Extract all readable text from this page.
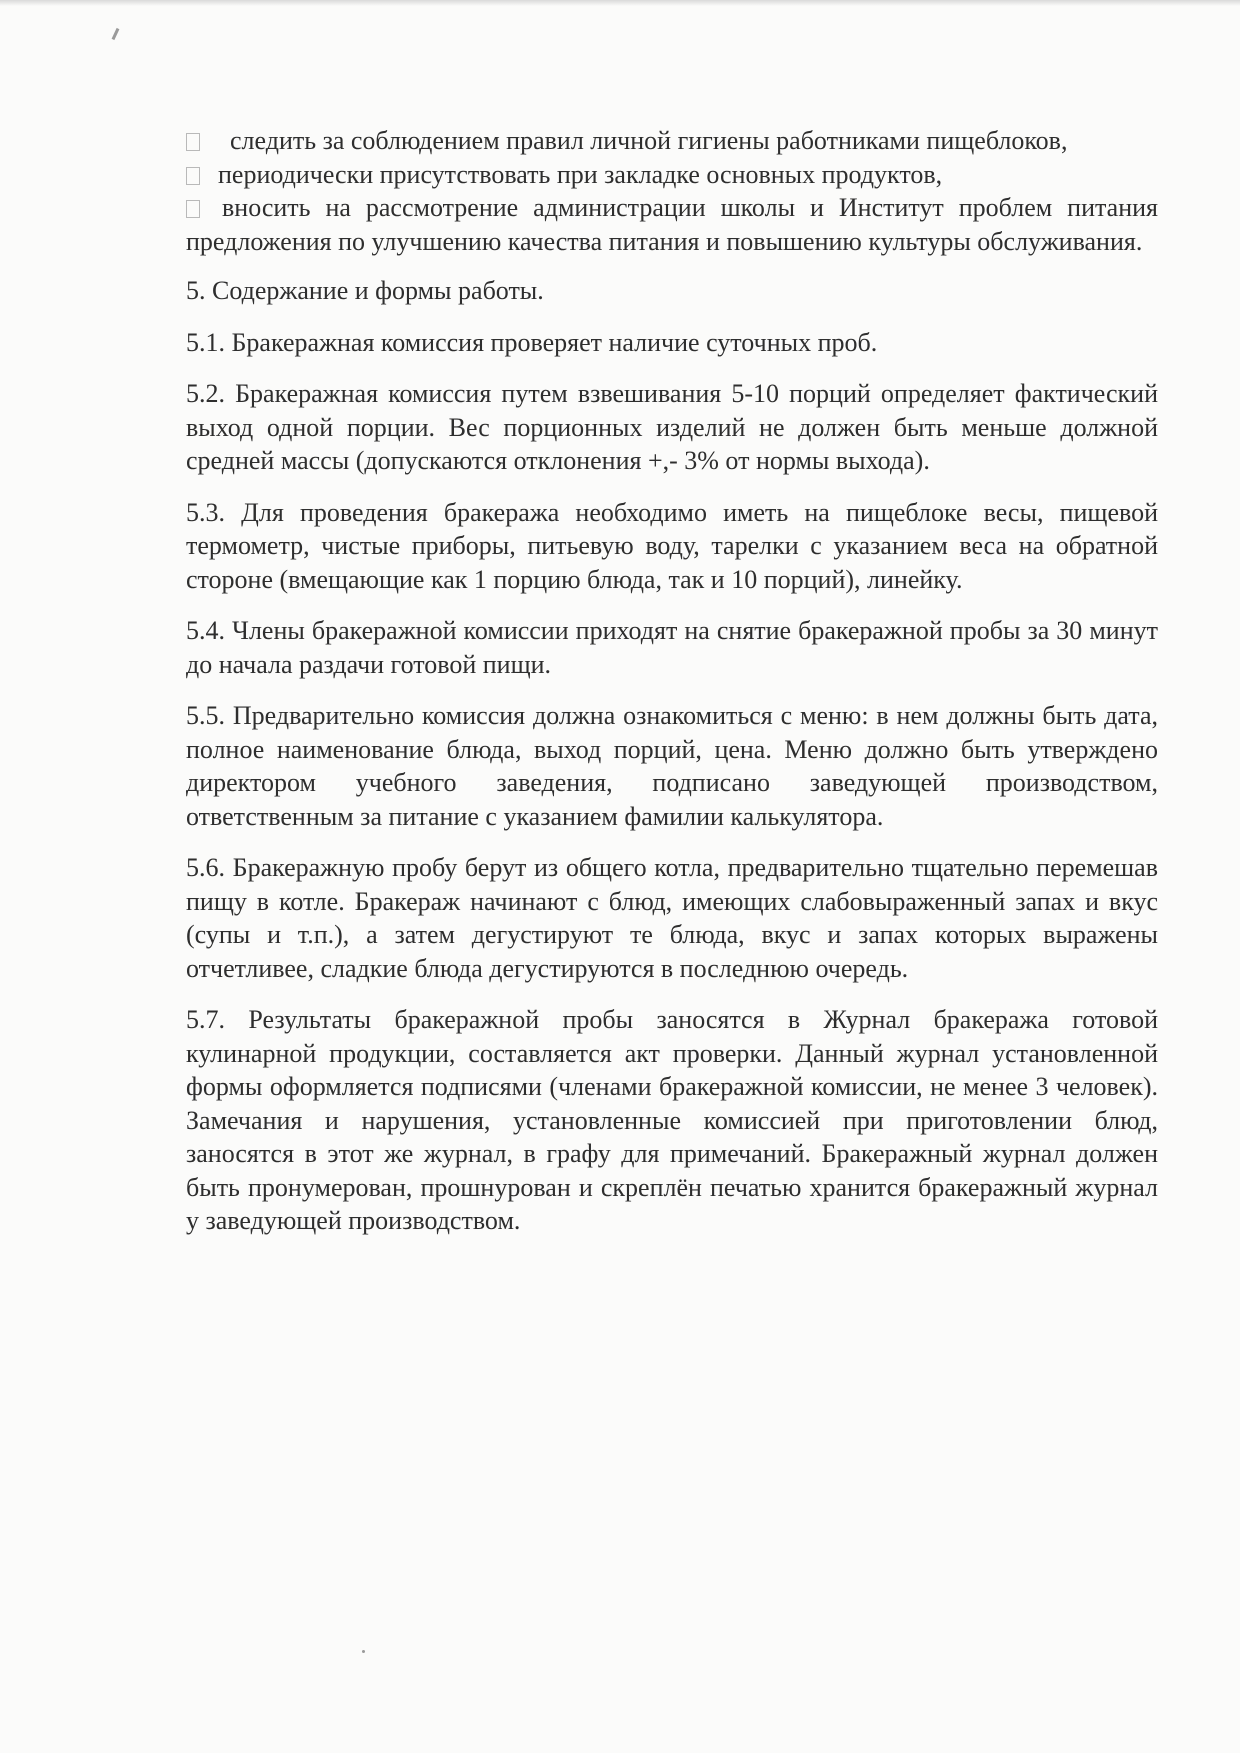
следить за соблюдением правил личной гигиены работниками пищеблоков,

периодически присутствовать при закладке основных продуктов,

вносить на рассмотрение администрации школы и Институт проблем питания предложения по улучшению качества питания и повышению культуры обслуживания.

5. Содержание и формы работы.

5.1. Бракеражная комиссия проверяет наличие суточных проб.

5.2. Бракеражная комиссия путем взвешивания 5-10 порций определяет фактический выход одной порции. Вес порционных изделий не должен быть меньше должной средней массы (допускаются отклонения +,- 3% от нормы выхода).

5.3. Для проведения бракеража необходимо иметь на пищеблоке весы, пищевой термометр, чистые приборы, питьевую воду, тарелки с указанием веса на обратной стороне (вмещающие как 1 порцию блюда, так и 10 порций), линейку.

5.4. Члены бракеражной комиссии приходят на снятие бракеражной пробы за 30 минут до начала раздачи готовой пищи.

5.5. Предварительно комиссия должна ознакомиться с меню: в нем должны быть дата, полное наименование блюда, выход порций, цена. Меню должно быть утверждено директором учебного заведения, подписано заведующей производством, ответственным за питание с указанием фамилии калькулятора.

5.6. Бракеражную пробу берут из общего котла, предварительно тщательно перемешав пищу в котле. Бракераж начинают с блюд, имеющих слабовыраженный запах и вкус (супы и т.п.), а затем дегустируют те блюда, вкус и запах которых выражены отчетливее, сладкие блюда дегустируются в последнюю очередь.

5.7. Результаты бракеражной пробы заносятся в Журнал бракеража готовой кулинарной продукции, составляется акт проверки. Данный журнал установленной формы оформляется подписями (членами бракеражной комиссии, не менее 3 человек). Замечания и нарушения, установленные комиссией при приготовлении блюд, заносятся в этот же журнал, в графу для примечаний. Бракеражный журнал должен быть пронумерован, прошнурован и скреплён печатью хранится бракеражный журнал у заведующей производством.
